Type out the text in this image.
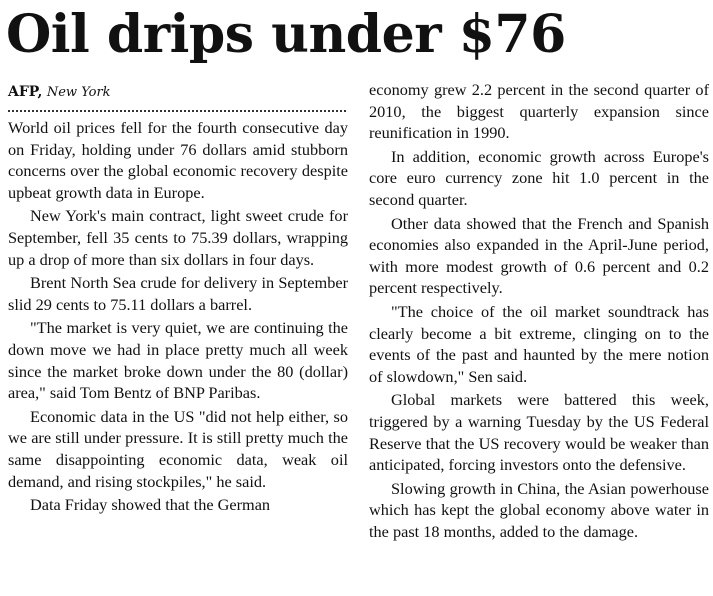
Oil drips under $76
AFP, New York

World oil prices fell for the fourth consecutive day on Friday, holding under 76 dollars amid stubborn concerns over the global economic recovery despite upbeat growth data in Europe.

New York's main contract, light sweet crude for September, fell 35 cents to 75.39 dollars, wrapping up a drop of more than six dollars in four days.

Brent North Sea crude for delivery in September slid 29 cents to 75.11 dollars a barrel.

"The market is very quiet, we are continuing the down move we had in place pretty much all week since the market broke down under the 80 (dollar) area," said Tom Bentz of BNP Paribas.

Economic data in the US "did not help either, so we are still under pressure. It is still pretty much the same disappointing economic data, weak oil demand, and rising stockpiles," he said.

Data Friday showed that the German

economy grew 2.2 percent in the second quarter of 2010, the biggest quarterly expansion since reunification in 1990.

In addition, economic growth across Europe's core euro currency zone hit 1.0 percent in the second quarter.

Other data showed that the French and Spanish economies also expanded in the April-June period, with more modest growth of 0.6 percent and 0.2 percent respectively.

"The choice of the oil market soundtrack has clearly become a bit extreme, clinging on to the events of the past and haunted by the mere notion of slowdown," Sen said.

Global markets were battered this week, triggered by a warning Tuesday by the US Federal Reserve that the US recovery would be weaker than anticipated, forcing investors onto the defensive.

Slowing growth in China, the Asian powerhouse which has kept the global economy above water in the past 18 months, added to the damage.
